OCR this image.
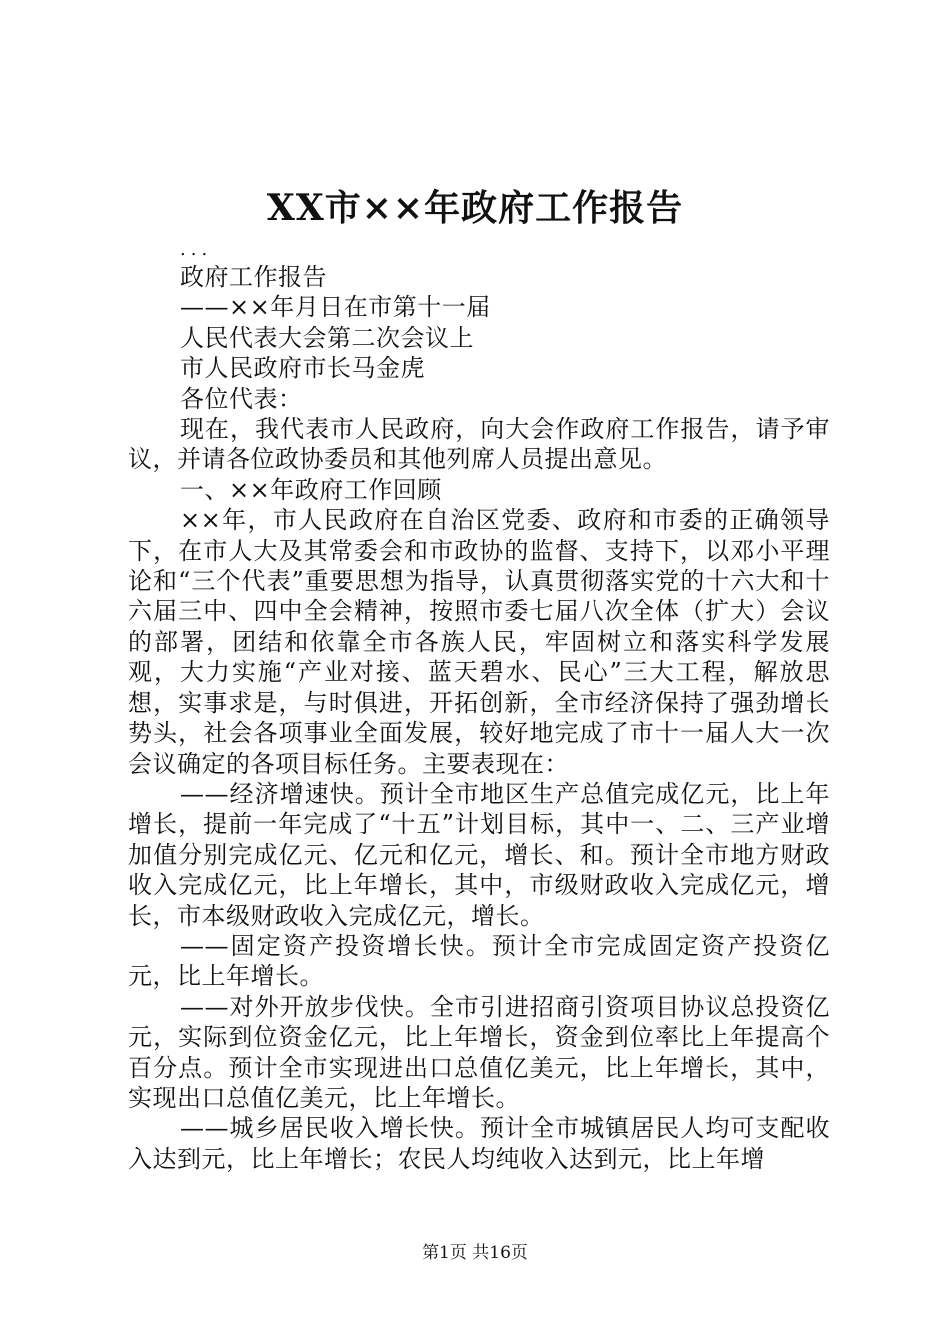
XX市××年政府工作报告

...

政府工作报告

——××年月日在市第十一届

人民代表大会第二次会议上

市人民政府市长马金虎

各位代表：

现在，我代表市人民政府，向大会作政府工作报告，请予审议，并请各位政协委员和其他列席人员提出意见。

一、××年政府工作回顾

××年，市人民政府在自治区党委、政府和市委的正确领导下，在市人大及其常委会和市政协的监督、支持下，以邓小平理论和“三个代表”重要思想为指导，认真贯彻落实党的十六大和十六届三中、四中全会精神，按照市委七届八次全体（扩大）会议的部署，团结和依靠全市各族人民，牢固树立和落实科学发展观，大力实施“产业对接、蓝天碧水、民心”三大工程，解放思想，实事求是，与时俱进，开拓创新，全市经济保持了强劲增长势头，社会各项事业全面发展，较好地完成了市十一届人大一次会议确定的各项目标任务。主要表现在：

——经济增速快。预计全市地区生产总值完成亿元，比上年增长，提前一年完成了“十五”计划目标，其中一、二、三产业增加值分别完成亿元、亿元和亿元，增长、和。预计全市地方财政收入完成亿元，比上年增长，其中，市级财政收入完成亿元，增长，市本级财政收入完成亿元，增长。

——固定资产投资增长快。预计全市完成固定资产投资亿元，比上年增长。

——对外开放步伐快。全市引进招商引资项目协议总投资亿元，实际到位资金亿元，比上年增长，资金到位率比上年提高个百分点。预计全市实现进出口总值亿美元，比上年增长，其中，实现出口总值亿美元，比上年增长。

——城乡居民收入增长快。预计全市城镇居民人均可支配收入达到元，比上年增长；农民人均纯收入达到元，比上年增

第1页 共16页
